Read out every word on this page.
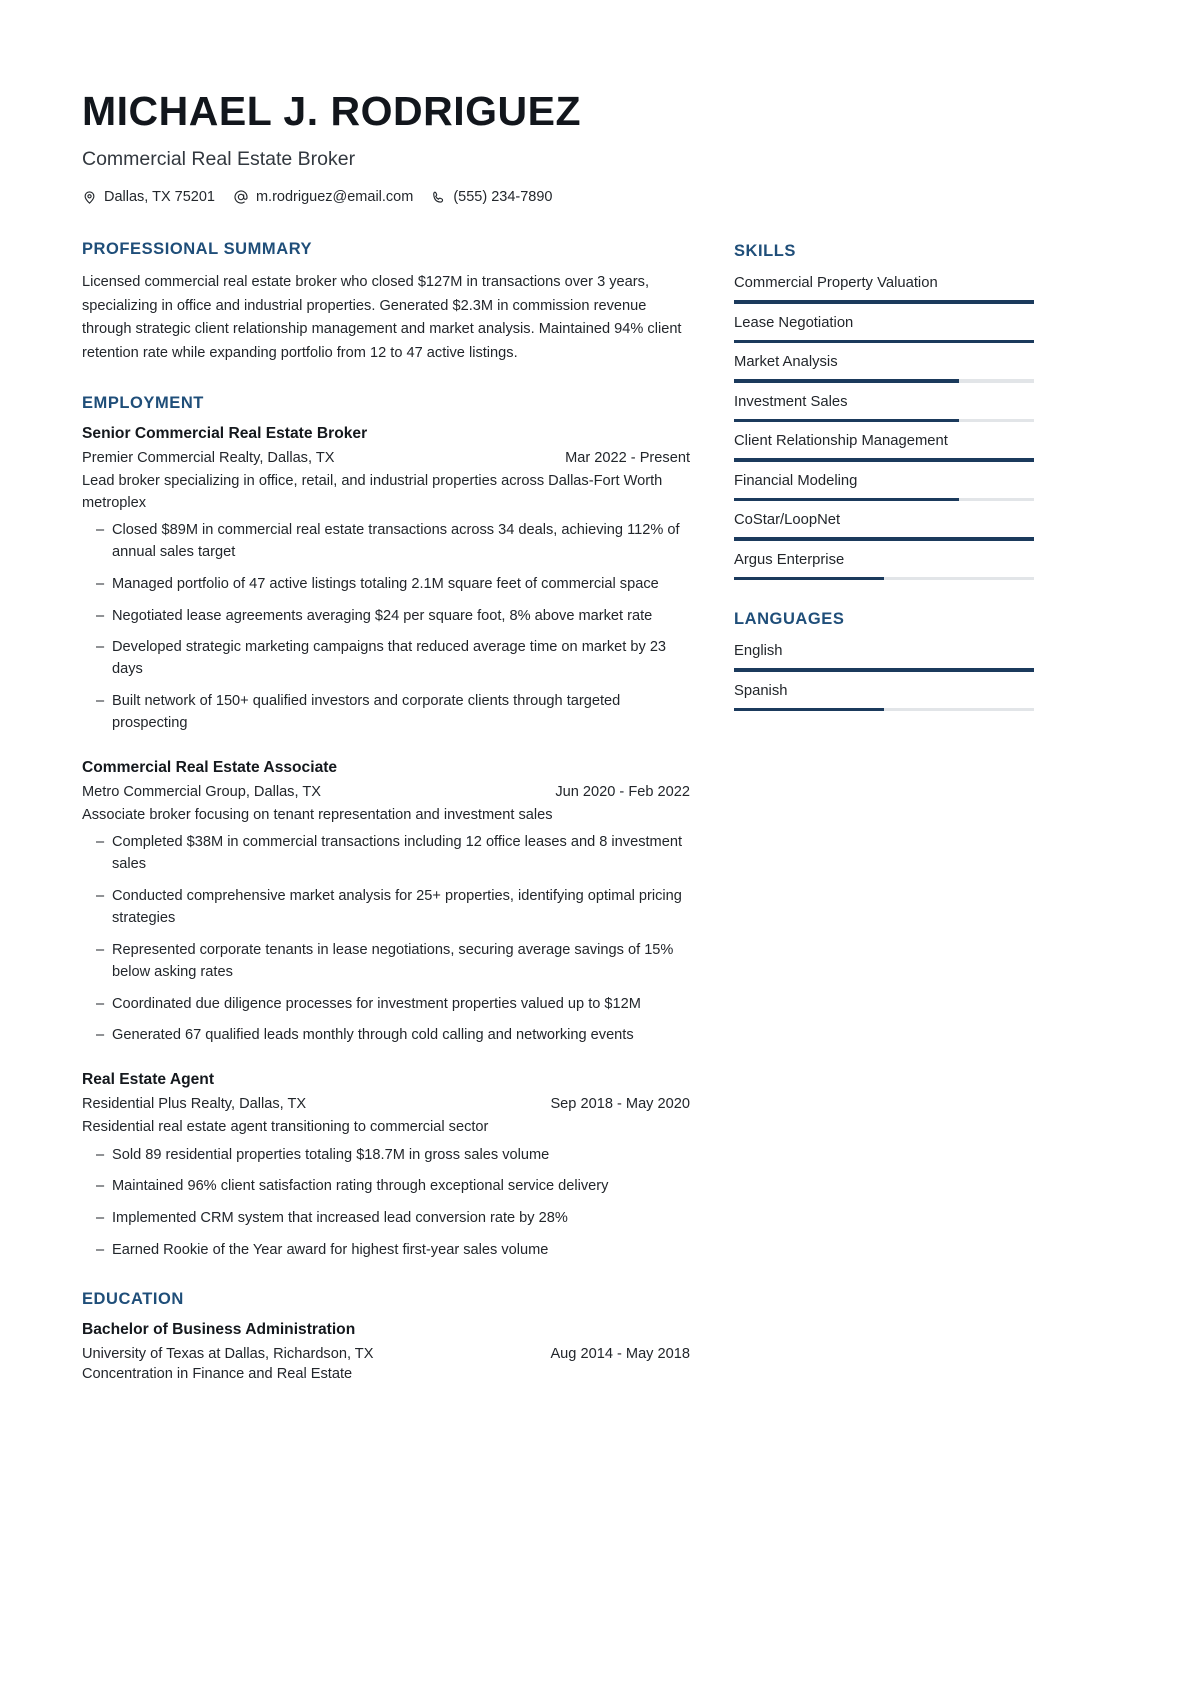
MICHAEL J. RODRIGUEZ
Commercial Real Estate Broker
Dallas, TX 75201	m.rodriguez@email.com	(555) 234-7890
PROFESSIONAL SUMMARY
Licensed commercial real estate broker who closed $127M in transactions over 3 years, specializing in office and industrial properties. Generated $2.3M in commission revenue through strategic client relationship management and market analysis. Maintained 94% client retention rate while expanding portfolio from 12 to 47 active listings.
EMPLOYMENT
Senior Commercial Real Estate Broker
Premier Commercial Realty, Dallas, TX	Mar 2022 - Present
Lead broker specializing in office, retail, and industrial properties across Dallas-Fort Worth metroplex
– Closed $89M in commercial real estate transactions across 34 deals, achieving 112% of annual sales target
– Managed portfolio of 47 active listings totaling 2.1M square feet of commercial space
– Negotiated lease agreements averaging $24 per square foot, 8% above market rate
– Developed strategic marketing campaigns that reduced average time on market by 23 days
– Built network of 150+ qualified investors and corporate clients through targeted prospecting
Commercial Real Estate Associate
Metro Commercial Group, Dallas, TX	Jun 2020 - Feb 2022
Associate broker focusing on tenant representation and investment sales
– Completed $38M in commercial transactions including 12 office leases and 8 investment sales
– Conducted comprehensive market analysis for 25+ properties, identifying optimal pricing strategies
– Represented corporate tenants in lease negotiations, securing average savings of 15% below asking rates
– Coordinated due diligence processes for investment properties valued up to $12M
– Generated 67 qualified leads monthly through cold calling and networking events
Real Estate Agent
Residential Plus Realty, Dallas, TX	Sep 2018 - May 2020
Residential real estate agent transitioning to commercial sector
– Sold 89 residential properties totaling $18.7M in gross sales volume
– Maintained 96% client satisfaction rating through exceptional service delivery
– Implemented CRM system that increased lead conversion rate by 28%
– Earned Rookie of the Year award for highest first-year sales volume
EDUCATION
Bachelor of Business Administration
University of Texas at Dallas, Richardson, TX	Aug 2014 - May 2018
Concentration in Finance and Real Estate
SKILLS
Commercial Property Valuation
Lease Negotiation
Market Analysis
Investment Sales
Client Relationship Management
Financial Modeling
CoStar/LoopNet
Argus Enterprise
LANGUAGES
English
Spanish
